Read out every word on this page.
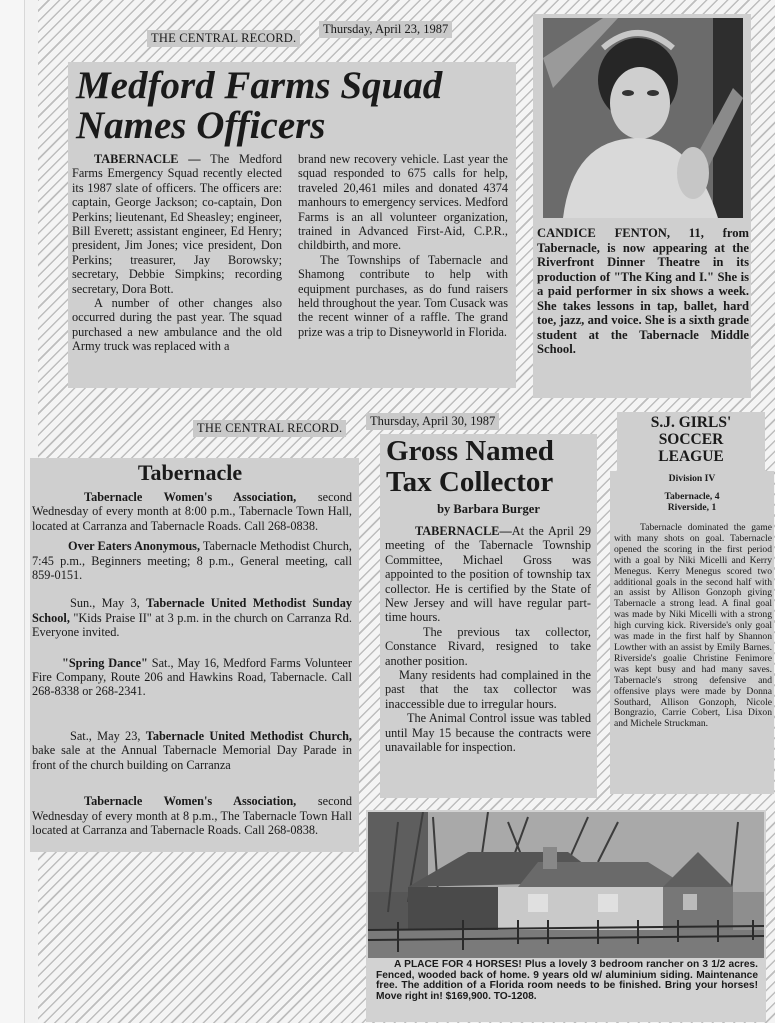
THE CENTRAL RECORD.
Thursday, April 23, 1987
Medford Farms Squad
Names Officers

TABERNACLE — The Medford Farms Emergency Squad recently elected its 1987 slate of officers. The officers are: captain, George Jackson; co-captain, Don Perkins; lieutenant, Ed Sheasley; engineer, Bill Everett; assistant engineer, Ed Henry; president, Jim Jones; vice president, Don Perkins; treasurer, Jay Borowsky; secretary, Debbie Simpkins; recording secretary, Dora Bott.

A number of other changes also occurred during the past year. The squad purchased a new ambulance and the old Army truck was replaced with a

brand new recovery vehicle. Last year the squad responded to 675 calls for help, traveled 20,461 miles and donated 4374 manhours to emergency services. Medford Farms is an all volunteer organization, trained in Advanced First-Aid, C.P.R., childbirth, and more.

The Townships of Tabernacle and Shamong contribute to help with equipment purchases, as do fund raisers held throughout the year. Tom Cusack was the recent winner of a raffle. The grand prize was a trip to Disneyworld in Florida.

CANDICE FENTON, 11, from Tabernacle, is now appearing at the Riverfront Dinner Theatre in its production of "The King and I." She is a paid performer in six shows a week. She takes lessons in tap, ballet, hard toe, jazz, and voice. She is a sixth grade student at the Tabernacle Middle School.
THE CENTRAL RECORD.	Thursday, April 30, 1987
Tabernacle

Tabernacle Women's Association, second Wednesday of every month at 8:00 p.m., Tabernacle Town Hall, located at Carranza and Tabernacle Roads. Call 268-0838.

Over Eaters Anonymous, Tabernacle Methodist Church, 7:45 p.m., Beginners meeting; 8 p.m., General meeting, call 859-0151.

Sun., May 3, Tabernacle United Methodist Sunday School, "Kids Praise II" at 3 p.m. in the church on Carranza Rd. Everyone invited.

"Spring Dance" Sat., May 16, Medford Farms Volunteer Fire Company, Route 206 and Hawkins Road, Tabernacle. Call 268-8338 or 268-2341.

Sat., May 23, Tabernacle United Methodist Church, bake sale at the Annual Tabernacle Memorial Day Parade in front of the church building on Carranza

Tabernacle Women's Association, second Wednesday of every month at 8 p.m., The Tabernacle Town Hall located at Carranza and Tabernacle Roads. Call 268-0838.

Gross Named
Tax Collector
by Barbara Burger

TABERNACLE—At the April 29 meeting of the Tabernacle Township Committee, Michael Gross was appointed to the position of township tax collector. He is certified by the State of New Jersey and will have regular part-time hours.

The previous tax collector, Constance Rivard, resigned to take another position.

Many residents had complained in the past that the tax collector was inaccessible due to irregular hours.

The Animal Control issue was tabled until May 15 because the contracts were unavailable for inspection.

S.J. GIRLS'
SOCCER
LEAGUE
Division IV
Tabernacle, 4
Riverside, 1
Tabernacle dominated the game with many shots on goal. Tabernacle opened the scoring in the first period with a goal by Niki Micelli and Kerry Menegus. Kerry Menegus scored two additional goals in the second half with an assist by Allison Gonzoph giving Tabernacle a strong lead. A final goal was made by Niki Micelli with a strong high curving kick. Riverside's only goal was made in the first half by Shannon Lowther with an assist by Emily Barnes. Riverside's goalie Christine Fenimore was kept busy and had many saves. Tabernacle's strong defensive and offensive plays were made by Donna Southard, Allison Gonzoph, Nicole Bongrazio, Carrie Cobert, Lisa Dixon and Michele Struckman.
A PLACE FOR 4 HORSES! Plus a lovely 3 bedroom rancher on 3 1/2 acres. Fenced, wooded back of home. 9 years old w/ aluminium siding. Maintenance free. The addition of a Florida room needs to be finished. Bring your horses! Move right in! $169,900. TO-1208.
